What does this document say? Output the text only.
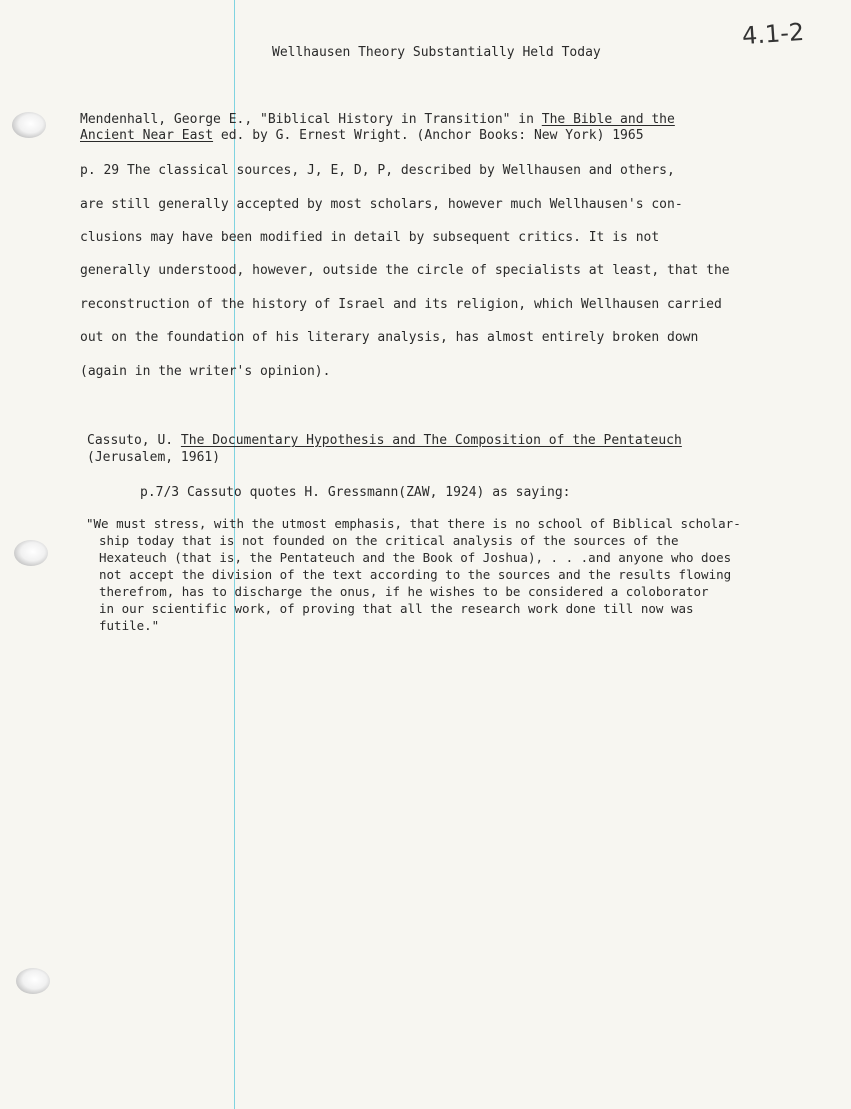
4.1-2
Wellhausen Theory Substantially Held Today
Mendenhall, George E., "Biblical History in Transition" in The Bible and the
Ancient Near East ed. by G. Ernest Wright. (Anchor Books: New York) 1965
p. 29 The classical sources, J, E, D, P, described by Wellhausen and others,
are still generally accepted by most scholars, however much Wellhausen's con-
clusions may have been modified in detail by subsequent critics. It is not
generally understood, however, outside the circle of specialists at least, that the
reconstruction of the history of Israel and its religion, which Wellhausen carried
out on the foundation of his literary analysis, has almost entirely broken down
(again in the writer's opinion).
Cassuto, U. The Documentary Hypothesis and The Composition of the Pentateuch
(Jerusalem, 1961)
p.7/3 Cassuto quotes H. Gressmann(ZAW, 1924) as saying:
"We must stress, with the utmost emphasis, that there is no school of Biblical scholar-
ship today that is not founded on the critical analysis of the sources of the
Hexateuch (that is, the Pentateuch and the Book of Joshua), . . .and anyone who does
not accept the division of the text according to the sources and the results flowing
therefrom, has to discharge the onus, if he wishes to be considered a coloborator
in our scientific work, of proving that all the research work done till now was
futile."
